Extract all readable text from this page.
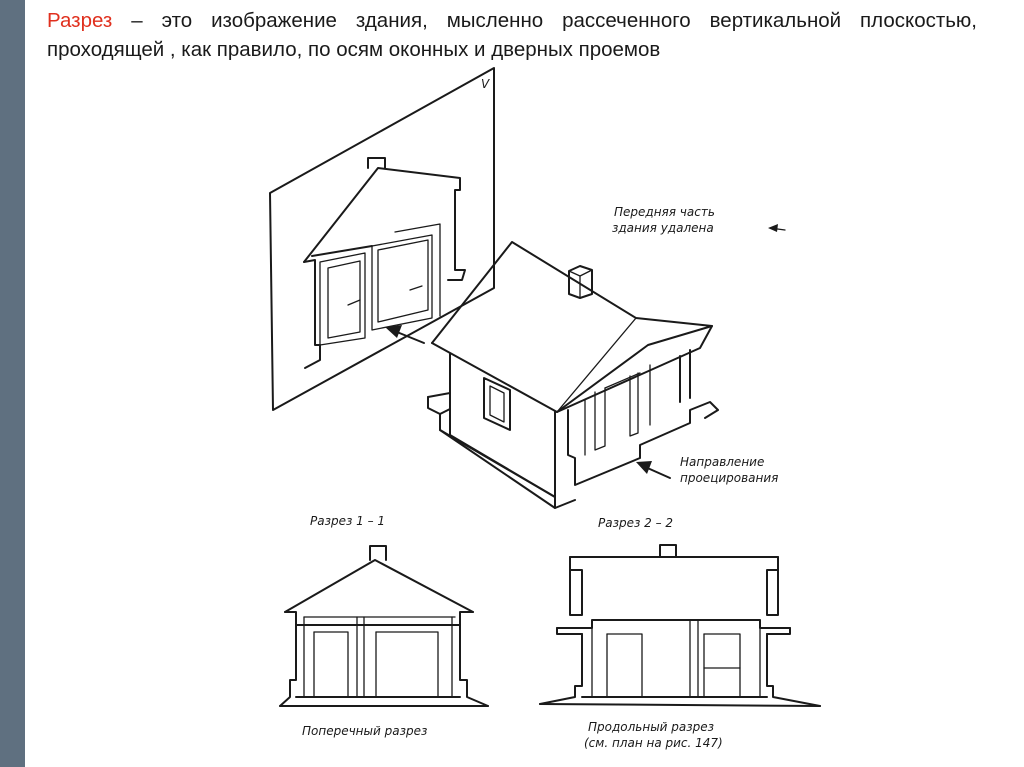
Разрез – это изображение здания, мысленно рассеченного вертикальной плоскостью, проходящей , как правило, по осям оконных и дверных проемов
V
Передняя часть
здания удалена
Направление
проецирования
Разрез 1 – 1
Поперечный разрез
Разрез 2 – 2
Продольный разрез
(см. план на рис. 147)
